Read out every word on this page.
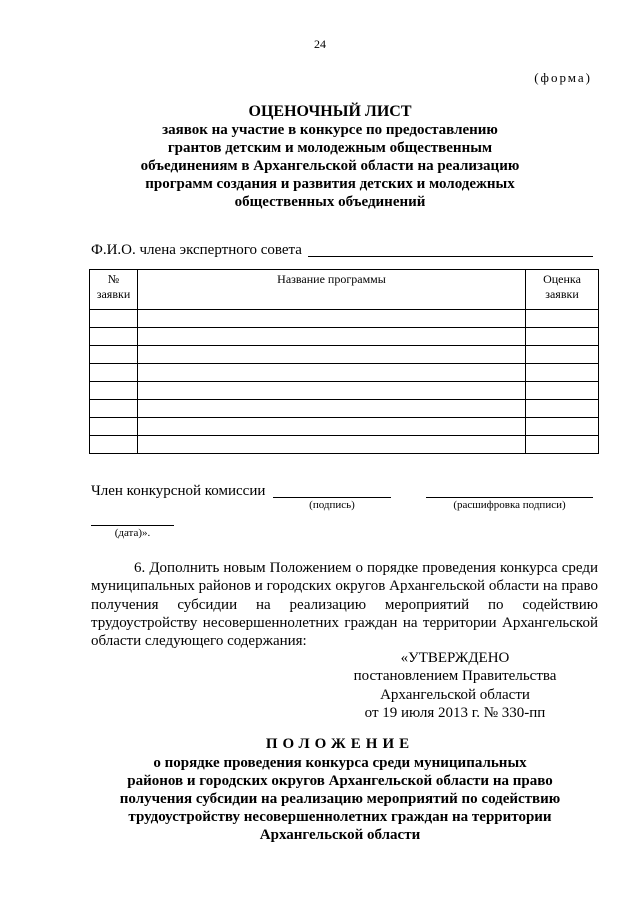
24
(форма)
ОЦЕНОЧНЫЙ ЛИСТ
заявок на участие в конкурсе по предоставлению
грантов детским и молодежным общественным
объединениям в Архангельской области на реализацию
программ создания и развития детских и молодежных
общественных объединений
Ф.И.О. члена экспертного совета
№ заявки	Название программы	Оценка заявки

Член конкурсной комиссии
(подпись)	(расшифровка подписи)
(дата)».

6. Дополнить новым Положением о порядке проведения конкурса среди муниципальных районов и городских округов Архангельской области на право получения субсидии на реализацию мероприятий по содействию трудоустройству несовершеннолетних граждан на территории Архангельской области следующего содержания:

«УТВЕРЖДЕНО
постановлением Правительства
Архангельской области
от 19 июля 2013 г. № 330-пп
ПОЛОЖЕНИЕ
о порядке проведения конкурса среди муниципальных
районов и городских округов Архангельской области на право
получения субсидии на реализацию мероприятий по содействию
трудоустройству несовершеннолетних граждан на территории
Архангельской области
